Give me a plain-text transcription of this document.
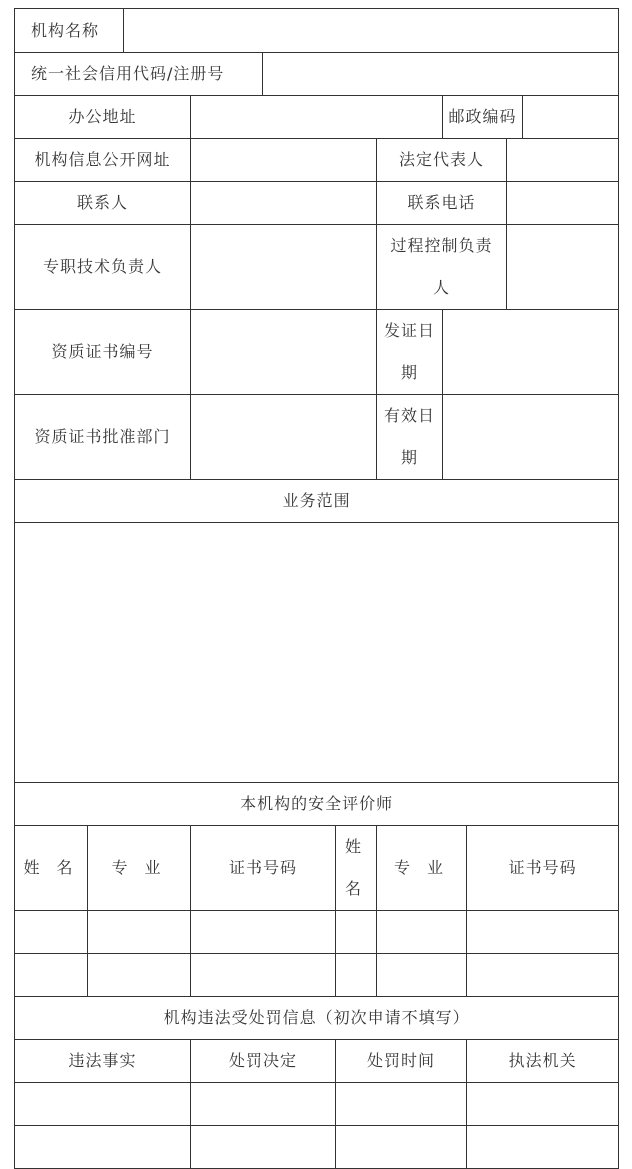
机构名称										
统一社会信用代码/注册号										
办公地址							邮政编码			
机构信息公开网址						法定代表人				
联系人						联系电话				
专职技术负责人						过程控制负责
人				
资质证书编号						发证日期				
资质证书批准部门						有效日期				
业务范围										

本机构的安全评价师										
姓 名	专 业		证书号码		姓 名	专 业		证书号码		

机构违法受处罚信息（初次申请不填写）										
违法事实			处罚决定		处罚时间			执法机关		
